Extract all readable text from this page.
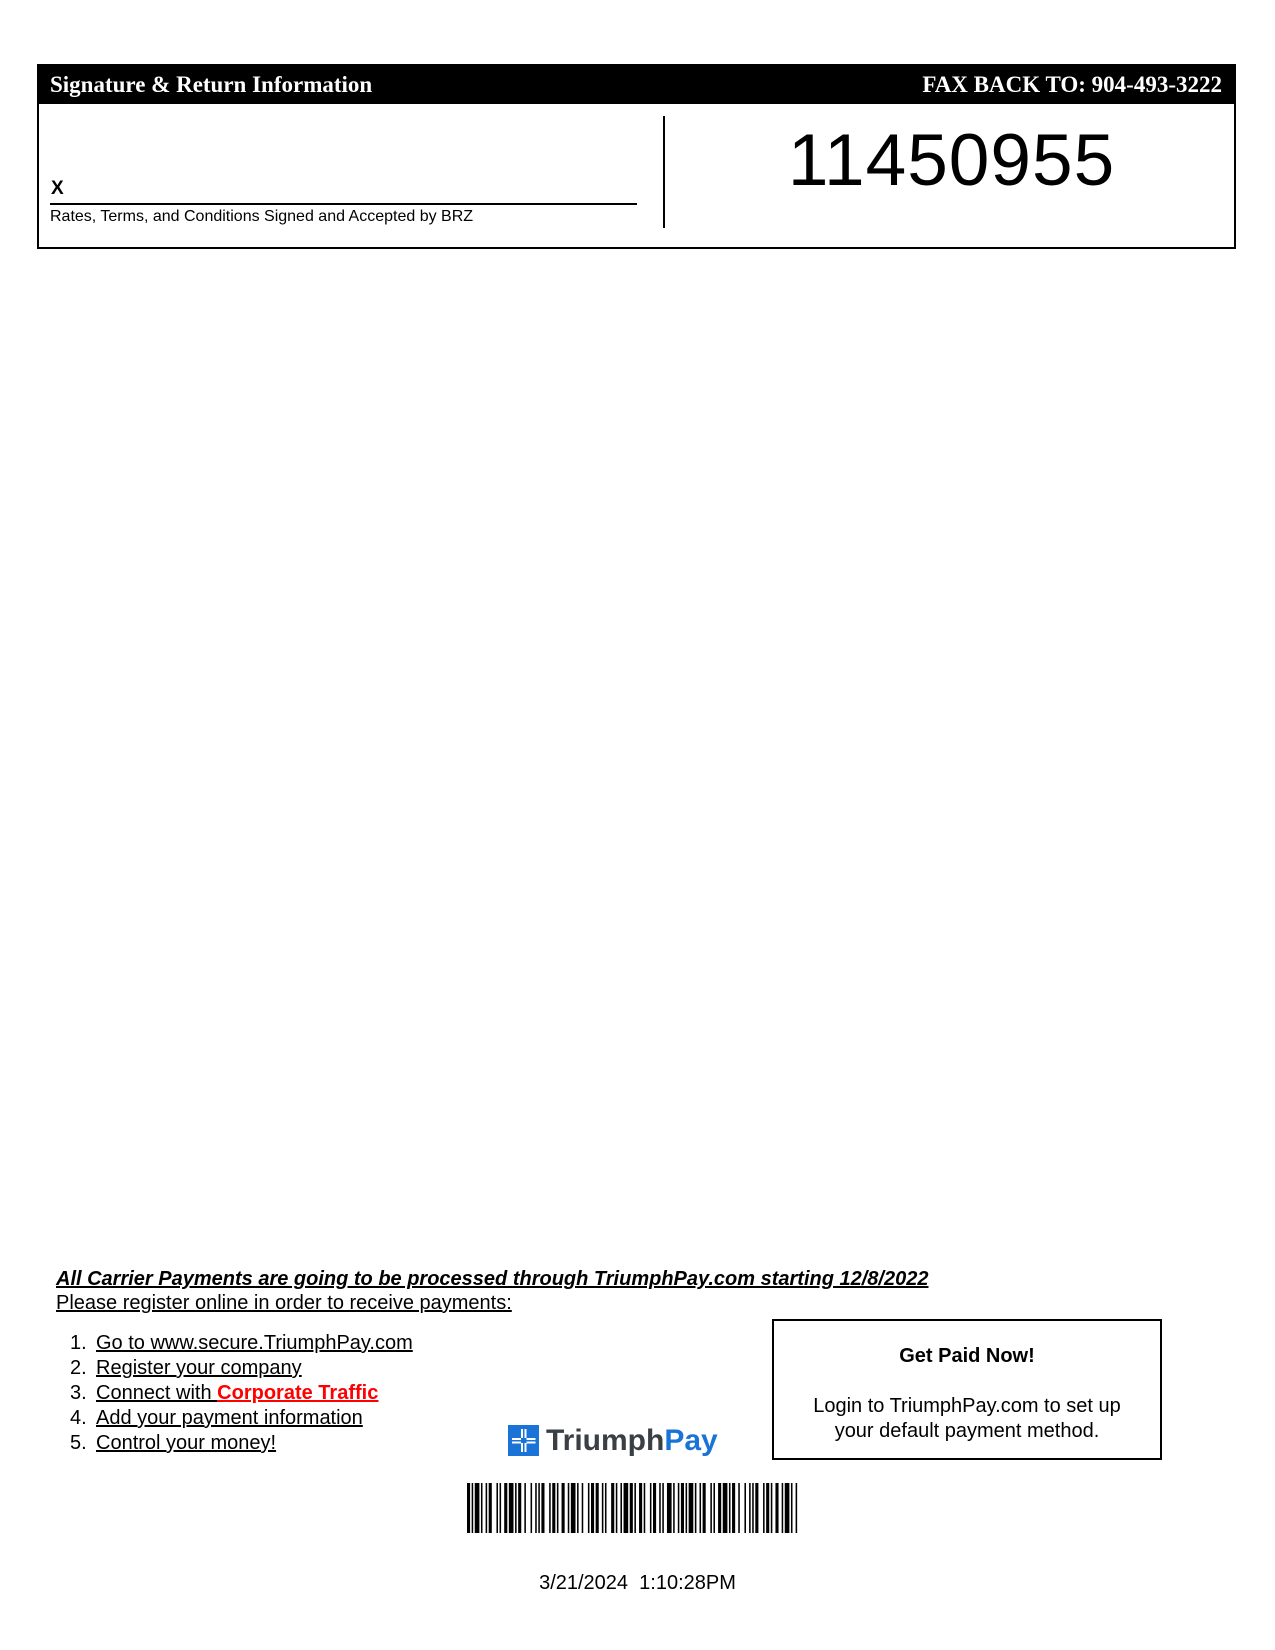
Signature & Return Information	FAX BACK TO: 904-493-3222
X
Rates, Terms, and Conditions Signed and Accepted by BRZ
11450955
All Carrier Payments are going to be processed through TriumphPay.com starting 12/8/2022
Please register online in order to receive payments:
1. Go to www.secure.TriumphPay.com
2. Register your company
3. Connect with Corporate Traffic
4. Add your payment information
5. Control your money!	TriumphPay
Get Paid Now!
Login to TriumphPay.com to set up
your default payment method.
3/21/2024  1:10:28PM
